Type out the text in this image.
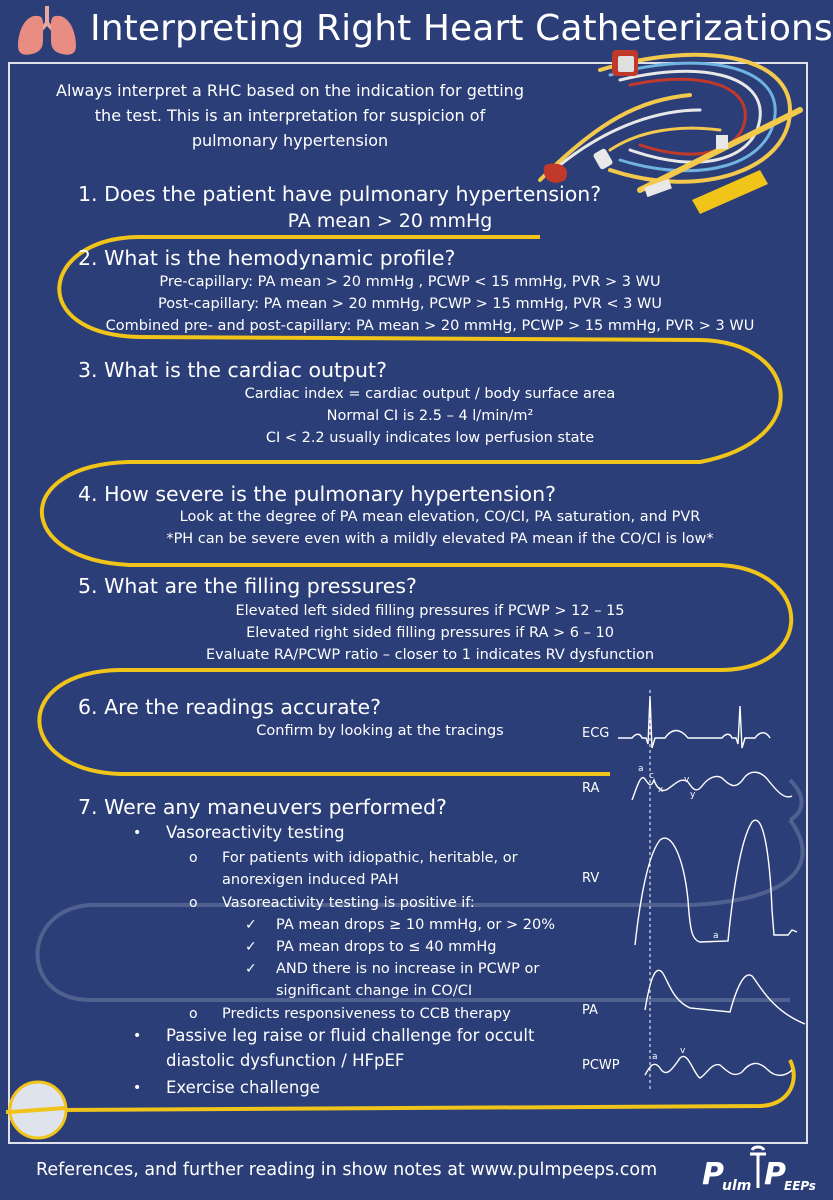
Interpreting Right Heart Catheterizations
Always interpret a RHC based on the indication for getting the test. This is an interpretation for suspicion of pulmonary hypertension
1. Does the patient have pulmonary hypertension?
PA mean > 20 mmHg
2. What is the hemodynamic profile?
Pre-capillary: PA mean > 20 mmHg , PCWP < 15 mmHg, PVR > 3 WU
Post-capillary: PA mean > 20 mmHg, PCWP > 15 mmHg, PVR < 3 WU
Combined pre- and post-capillary: PA mean > 20 mmHg, PCWP > 15 mmHg, PVR > 3 WU
3. What is the cardiac output?
Cardiac index = cardiac output / body surface area
Normal CI is 2.5 – 4 l/min/m²
CI < 2.2 usually indicates low perfusion state
4. How severe is the pulmonary hypertension?
Look at the degree of PA mean elevation, CO/CI, PA saturation, and PVR
*PH can be severe even with a mildly elevated PA mean if the CO/CI is low*
5. What are the filling pressures?
Elevated left sided filling pressures if PCWP > 12 – 15
Elevated right sided filling pressures if RA > 6 – 10
Evaluate RA/PCWP ratio – closer to 1 indicates RV dysfunction
6. Are the readings accurate?
Confirm by looking at the tracings
7. Were any maneuvers performed?
• Vasoreactivity testing
o For patients with idiopathic, heritable, or
anorexigen induced PAH
o Vasoreactivity testing is positive if:
✓ PA mean drops ≥ 10 mmHg, or > 20%
✓ PA mean drops to ≤ 40 mmHg
✓ AND there is no increase in PCWP or
significant change in CO/CI
o Predicts responsiveness to CCB therapy
• Passive leg raise or fluid challenge for occult
diastolic dysfunction / HFpEF
• Exercise challenge
ECG
RA
RV
PA
PCWP
a
c
x
v
y
a
a
v
References, and further reading in show notes at www.pulmpeeps.com P
ulm P
EEPs
